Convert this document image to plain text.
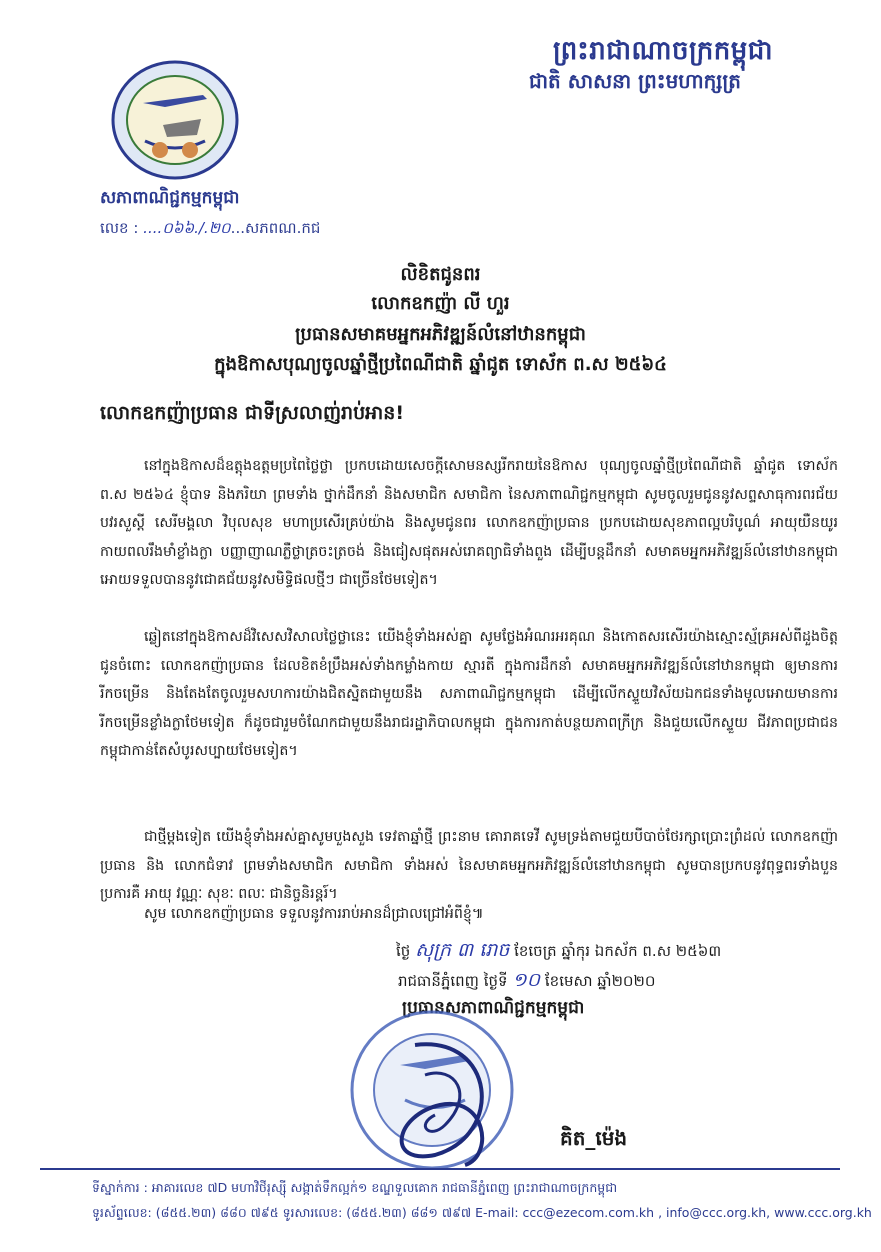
ព្រះរាជាណាចក្រកម្ពុជា
ជាតិ សាសនា ព្រះមហាក្សត្រ
សភាពាណិជ្ជកម្មកម្ពុជា
លេខ : ....០៦៦./.២០...សភពណ.កជ
លិខិតជូនពរ
លោកឧកញ៉ា លី ហួរ
ប្រធានសមាគមអ្នកអភិវឌ្ឍន៍លំនៅឋានកម្ពុជា
ក្នុងឱកាសបុណ្យចូលឆ្នាំថ្មីប្រពៃណីជាតិ ឆ្នាំជូត ទោស័ក ព.ស ២៥៦៤
លោកឧកញ៉ាប្រធាន ជាទីស្រលាញ់រាប់អាន!
នៅក្នុងឱកាសដ៏ឧត្តុងឧត្តមប្រពៃថ្លៃថ្លា ប្រកបដោយសេចក្តីសោមនស្សរីករាយនៃឱកាស បុណ្យចូលឆ្នាំថ្មីប្រពៃណីជាតិ ឆ្នាំជូត ទោស័ក ព.ស ២៥៦៤ ខ្ញុំបាទ និងភរិយា ព្រមទាំង ថ្នាក់ដឹកនាំ និងសមាជិក សមាជិកា នៃសភាពាណិជ្ជកម្មកម្ពុជា សូមចូលរួមជូននូវសព្ទសាធុការពរជ័យ បវរសួស្តី សេរីមង្គលា វិបុលសុខ មហាប្រសើរគ្រប់យ៉ាង និងសូមជូនពរ លោកឧកញ៉ាប្រធាន ប្រកបដោយសុខភាពល្អបរិបូណ៌ អាយុយឺនយូរ កាយពលរឹងមាំខ្លាំងក្លា បញ្ញាញាណភ្លឺថ្លាត្រចះត្រចង់ និងជៀសផុតអស់រោគព្យាធិទាំងពួង ដើម្បីបន្តដឹកនាំ សមាគមអ្នកអភិវឌ្ឍន៍លំនៅឋានកម្ពុជា អោយទទួលបាននូវជោគជ័យនូវសមិទ្ធិផលថ្មីៗ ជាច្រើនថែមទៀត។
ឆ្លៀតនៅក្នុងឱកាសដ៏វិសេសវិសាលថ្លៃថ្លានេះ យើងខ្ញុំទាំងអស់គ្នា សូមថ្លែងអំណរអរគុណ និងកោតសរសើរយ៉ាងស្មោះស្ម័គ្រអស់ពីដួងចិត្ត ជូនចំពោះ លោកឧកញ៉ាប្រធាន ដែលខិតខំប្រឹងអស់ទាំងកម្លាំងកាយ ស្មារតី ក្នុងការដឹកនាំ សមាគមអ្នកអភិវឌ្ឍន៍លំនៅឋានកម្ពុជា ឲ្យមានការរីកចម្រើន និងតែងតែចូលរួមសហការយ៉ាងជិតស្និតជាមួយនឹង សភាពាណិជ្ជកម្មកម្ពុជា ដើម្បីលើកស្ទួយវិស័យឯកជនទាំងមូលអោយមានការរីកចម្រើនខ្លាំងក្លាថែមទៀត ក៏ដូចជារួមចំណែកជាមួយនឹងរាជរដ្ឋាភិបាលកម្ពុជា ក្នុងការកាត់បន្ថយភាពក្រីក្រ និងជួយលើកស្ទួយ ជីវភាពប្រជាជនកម្ពុជាកាន់តែសំបូរសប្បាយថែមទៀត។
ជាថ្មីម្តងទៀត យើងខ្ញុំទាំងអស់គ្នាសូមបួងសួង ទេវតាឆ្នាំថ្មី ព្រះនាម គោរាគទេវី សូមទ្រង់តាមជួយបីបាច់ថែរក្សាប្រោះព្រំដល់ លោកឧកញ៉ាប្រធាន និង លោកជំទាវ ព្រមទាំងសមាជិក សមាជិកា ទាំងអស់ នៃសមាគមអ្នកអភិវឌ្ឍន៍លំនៅឋានកម្ពុជា សូមបានប្រកបនូវពុទ្ធពរទាំងបួន ប្រការគឺ អាយុ វណ្ណៈ សុខៈ ពលៈ ជានិច្ចនិរន្តរ៍។
សូម លោកឧកញ៉ាប្រធាន ទទួលនូវការរាប់អានដ៏ជ្រាលជ្រៅអំពីខ្ញុំ៕
ថ្ងៃ សុក្រ ៣ រោច ខែចេត្រ ឆ្នាំកុរ ឯកស័ក ព.ស ២៥៦៣
រាជធានីភ្នំពេញ ថ្ងៃទី ១០ ខែមេសា ឆ្នាំ២០២០
ប្រធានសភាពាណិជ្ជកម្មកម្ពុជា
គិត_ម៉េង
ទីស្នាក់ការ : អាគារលេខ ៧D មហាវិថីរុស្ស៊ី សង្កាត់ទឹកល្អក់១ ខណ្ឌទួលគោក រាជធានីភ្នំពេញ ព្រះរាជាណាចក្រកម្ពុជា
ទូរស័ព្ទលេខ: (៨៥៥.២៣) ៨៨០ ៧៩៥ ទូរសារលេខ: (៨៥៥.២៣) ៨៨១ ៧៩៧ E-mail: ccc@ezecom.com.kh , info@ccc.org.kh, www.ccc.org.kh
